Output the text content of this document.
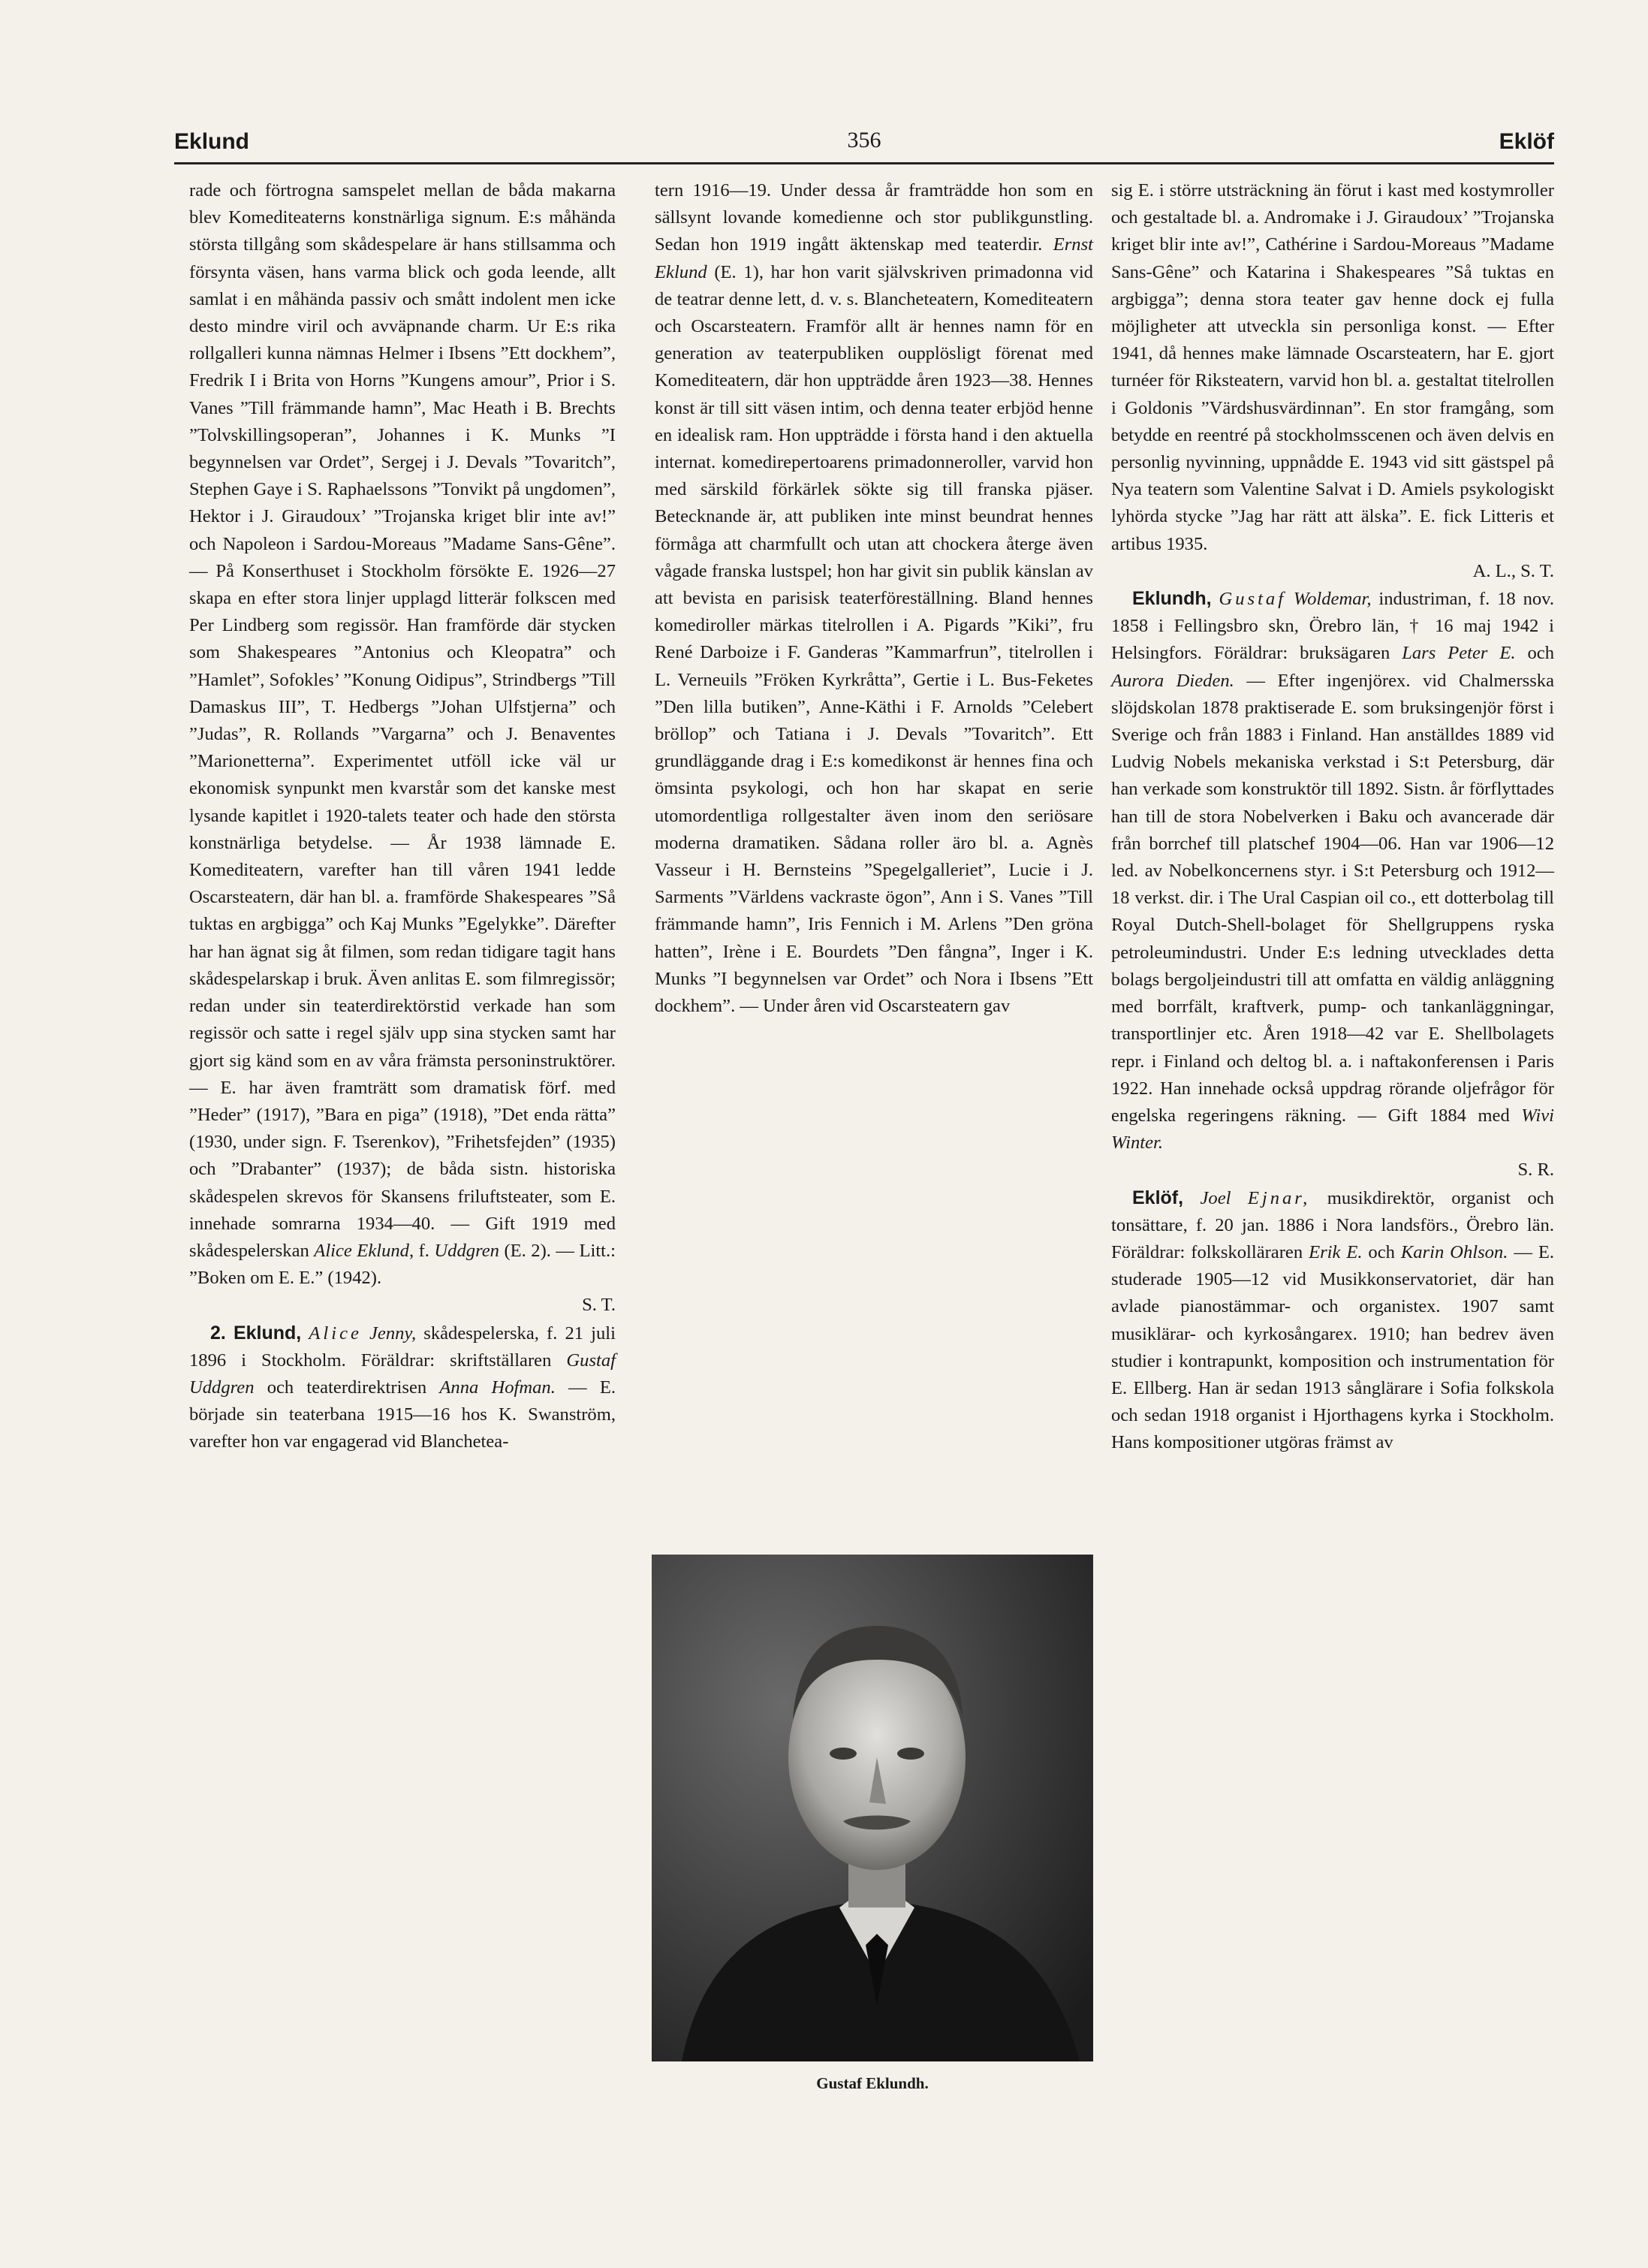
Eklund	356	Eklöf

rade och förtrogna samspelet mellan de båda makarna blev Komediteaterns konstnärliga signum. E:s måhända största tillgång som skådespelare är hans stillsamma och försynta väsen, hans varma blick och goda leende, allt samlat i en måhända passiv och smått indolent men icke desto mindre viril och avväpnande charm. Ur E:s rika rollgalleri kunna nämnas Helmer i Ibsens ”Ett dockhem”, Fredrik I i Brita von Horns ”Kungens amour”, Prior i S. Vanes ”Till främmande hamn”, Mac Heath i B. Brechts ”Tolvskillingsoperan”, Johannes i K. Munks ”I begynnelsen var Ordet”, Sergej i J. Devals ”Tovaritch”, Stephen Gaye i S. Raphaelssons ”Tonvikt på ungdomen”, Hektor i J. Giraudoux’ ”Trojanska kriget blir inte av!” och Napoleon i Sardou-Moreaus ”Madame Sans-Gêne”. — På Konserthuset i Stockholm försökte E. 1926—27 skapa en efter stora linjer upplagd litterär folkscen med Per Lindberg som regissör. Han framförde där stycken som Shakespeares ”Antonius och Kleopatra” och ”Hamlet”, Sofokles’ ”Konung Oidipus”, Strindbergs ”Till Damaskus III”, T. Hedbergs ”Johan Ulfstjerna” och ”Judas”, R. Rollands ”Vargarna” och J. Benaventes ”Marionetterna”. Experimentet utföll icke väl ur ekonomisk synpunkt men kvarstår som det kanske mest lysande kapitlet i 1920-talets teater och hade den största konstnärliga betydelse. — År 1938 lämnade E. Komediteatern, varefter han till våren 1941 ledde Oscarsteatern, där han bl. a. framförde Shakespeares ”Så tuktas en argbigga” och Kaj Munks ”Egelykke”. Därefter har han ägnat sig åt filmen, som redan tidigare tagit hans skådespelarskap i bruk. Även anlitas E. som filmregissör; redan under sin teaterdirektörstid verkade han som regissör och satte i regel själv upp sina stycken samt har gjort sig känd som en av våra främsta personinstruktörer. — E. har även framträtt som dramatisk förf. med ”Heder” (1917), ”Bara en piga” (1918), ”Det enda rätta” (1930, under sign. F. Tserenkov), ”Frihetsfejden” (1935) och ”Drabanter” (1937); de båda sistn. historiska skådespelen skrevos för Skansens friluftsteater, som E. innehade somrarna 1934—40. — Gift 1919 med skådespelerskan Alice Eklund, f. Uddgren (E. 2). — Litt.: ”Boken om E. E.” (1942).
S. T.

2. Eklund, Alice Jenny, skådespelerska, f. 21 juli 1896 i Stockholm. Föräldrar: skriftställaren Gustaf Uddgren och teaterdirektrisen Anna Hofman. — E. började sin teaterbana 1915—16 hos K. Swanström, varefter hon var engagerad vid Blanchetea-

tern 1916—19. Under dessa år framträdde hon som en sällsynt lovande komedienne och stor publikgunstling. Sedan hon 1919 ingått äktenskap med teaterdir. Ernst Eklund (E. 1), har hon varit självskriven primadonna vid de teatrar denne lett, d. v. s. Blancheteatern, Komediteatern och Oscarsteatern. Framför allt är hennes namn för en generation av teaterpubliken oupplösligt förenat med Komediteatern, där hon uppträdde åren 1923—38. Hennes konst är till sitt väsen intim, och denna teater erbjöd henne en idealisk ram. Hon uppträdde i första hand i den aktuella internat. komedirepertoarens primadonneroller, varvid hon med särskild förkärlek sökte sig till franska pjäser. Betecknande är, att publiken inte minst beundrat hennes förmåga att charmfullt och utan att chockera återge även vågade franska lustspel; hon har givit sin publik känslan av att bevista en parisisk teaterföreställning. Bland hennes komediroller märkas titelrollen i A. Pigards ”Kiki”, fru René Darboize i F. Ganderas ”Kammarfrun”, titelrollen i L. Verneuils ”Fröken Kyrkråtta”, Gertie i L. Bus-Feketes ”Den lilla butiken”, Anne-Käthi i F. Arnolds ”Celebert bröllop” och Tatiana i J. Devals ”Tovaritch”. Ett grundläggande drag i E:s komedikonst är hennes fina och ömsinta psykologi, och hon har skapat en serie utomordentliga rollgestalter även inom den seriösare moderna dramatiken. Sådana roller äro bl. a. Agnès Vasseur i H. Bernsteins ”Spegelgalleriet”, Lucie i J. Sarments ”Världens vackraste ögon”, Ann i S. Vanes ”Till främmande hamn”, Iris Fennich i M. Arlens ”Den gröna hatten”, Irène i E. Bourdets ”Den fångna”, Inger i K. Munks ”I begynnelsen var Ordet” och Nora i Ibsens ”Ett dockhem”. — Under åren vid Oscarsteatern gav

Gustaf Eklundh.

sig E. i större utsträckning än förut i kast med kostymroller och gestaltade bl. a. Andromake i J. Giraudoux’ ”Trojanska kriget blir inte av!”, Cathérine i Sardou-Moreaus ”Madame Sans-Gêne” och Katarina i Shakespeares ”Så tuktas en argbigga”; denna stora teater gav henne dock ej fulla möjligheter att utveckla sin personliga konst. — Efter 1941, då hennes make lämnade Oscarsteatern, har E. gjort turnéer för Riksteatern, varvid hon bl. a. gestaltat titelrollen i Goldonis ”Värdshusvärdinnan”. En stor framgång, som betydde en reentré på stockholmsscenen och även delvis en personlig nyvinning, uppnådde E. 1943 vid sitt gästspel på Nya teatern som Valentine Salvat i D. Amiels psykologiskt lyhörda stycke ”Jag har rätt att älska”. E. fick Litteris et artibus 1935.
A. L., S. T.

Eklundh, Gustaf Woldemar, industriman, f. 18 nov. 1858 i Fellingsbro skn, Örebro län, † 16 maj 1942 i Helsingfors. Föräldrar: bruksägaren Lars Peter E. och Aurora Dieden. — Efter ingenjörex. vid Chalmersska slöjdskolan 1878 praktiserade E. som bruksingenjör först i Sverige och från 1883 i Finland. Han anställdes 1889 vid Ludvig Nobels mekaniska verkstad i S:t Petersburg, där han verkade som konstruktör till 1892. Sistn. år förflyttades han till de stora Nobelverken i Baku och avancerade där från borrchef till platschef 1904—06. Han var 1906—12 led. av Nobelkoncernens styr. i S:t Petersburg och 1912—18 verkst. dir. i The Ural Caspian oil co., ett dotterbolag till Royal Dutch-Shell-bolaget för Shellgruppens ryska petroleumindustri. Under E:s ledning utvecklades detta bolags bergoljeindustri till att omfatta en väldig anläggning med borrfält, kraftverk, pump- och tankanläggningar, transportlinjer etc. Åren 1918—42 var E. Shellbolagets repr. i Finland och deltog bl. a. i naftakonferensen i Paris 1922. Han innehade också uppdrag rörande oljefrågor för engelska regeringens räkning. — Gift 1884 med Wivi Winter.
S. R.

Eklöf, Joel Ejnar, musikdirektör, organist och tonsättare, f. 20 jan. 1886 i Nora landsförs., Örebro län. Föräldrar: folkskolläraren Erik E. och Karin Ohlson. — E. studerade 1905—12 vid Musikkonservatoriet, där han avlade pianostämmar- och organistex. 1907 samt musiklärar- och kyrkosångarex. 1910; han bedrev även studier i kontrapunkt, komposition och instrumentation för E. Ellberg. Han är sedan 1913 sånglärare i Sofia folkskola och sedan 1918 organist i Hjorthagens kyrka i Stockholm. Hans kompositioner utgöras främst av
